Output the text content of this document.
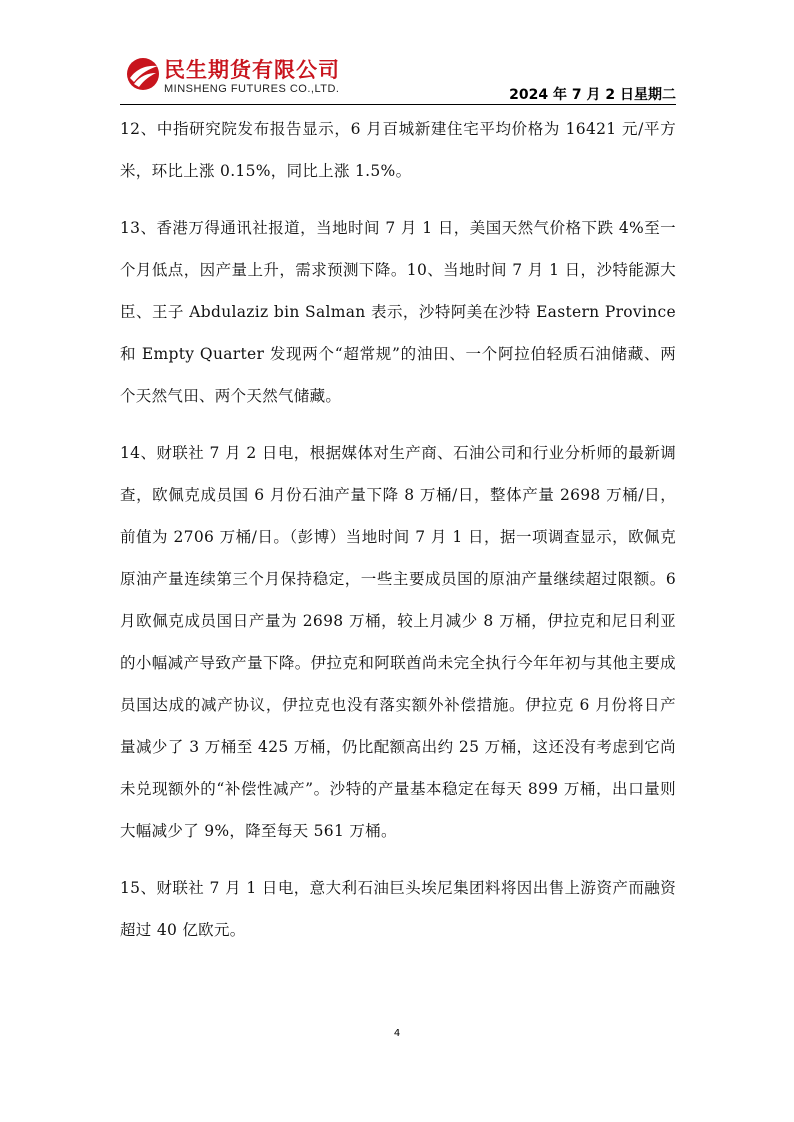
民生期货有限公司
MINSHENG FUTURES CO.,LTD.	2024 年 7 月 2 日星期二

12、中指研究院发布报告显示，6 月百城新建住宅平均价格为 16421 元/平方米，环比上涨 0.15%，同比上涨 1.5%。

13、香港万得通讯社报道，当地时间 7 月 1 日，美国天然气价格下跌 4%至一个月低点，因产量上升，需求预测下降。10、当地时间 7 月 1 日，沙特能源大臣、王子 Abdulaziz bin Salman 表示，沙特阿美在沙特 Eastern Province 和 Empty Quarter 发现两个“超常规”的油田、一个阿拉伯轻质石油储藏、两个天然气田、两个天然气储藏。

14、财联社 7 月 2 日电，根据媒体对生产商、石油公司和行业分析师的最新调查，欧佩克成员国 6 月份石油产量下降 8 万桶/日，整体产量 2698 万桶/日，前值为 2706 万桶/日。（彭博）当地时间 7 月 1 日，据一项调查显示，欧佩克原油产量连续第三个月保持稳定，一些主要成员国的原油产量继续超过限额。6 月欧佩克成员国日产量为 2698 万桶，较上月减少 8 万桶，伊拉克和尼日利亚的小幅减产导致产量下降。伊拉克和阿联酋尚未完全执行今年年初与其他主要成员国达成的减产协议，伊拉克也没有落实额外补偿措施。伊拉克 6 月份将日产量减少了 3 万桶至 425 万桶，仍比配额高出约 25 万桶，这还没有考虑到它尚未兑现额外的“补偿性减产”。沙特的产量基本稳定在每天 899 万桶，出口量则大幅减少了 9%，降至每天 561 万桶。

15、财联社 7 月 1 日电，意大利石油巨头埃尼集团料将因出售上游资产而融资超过 40 亿欧元。

4
